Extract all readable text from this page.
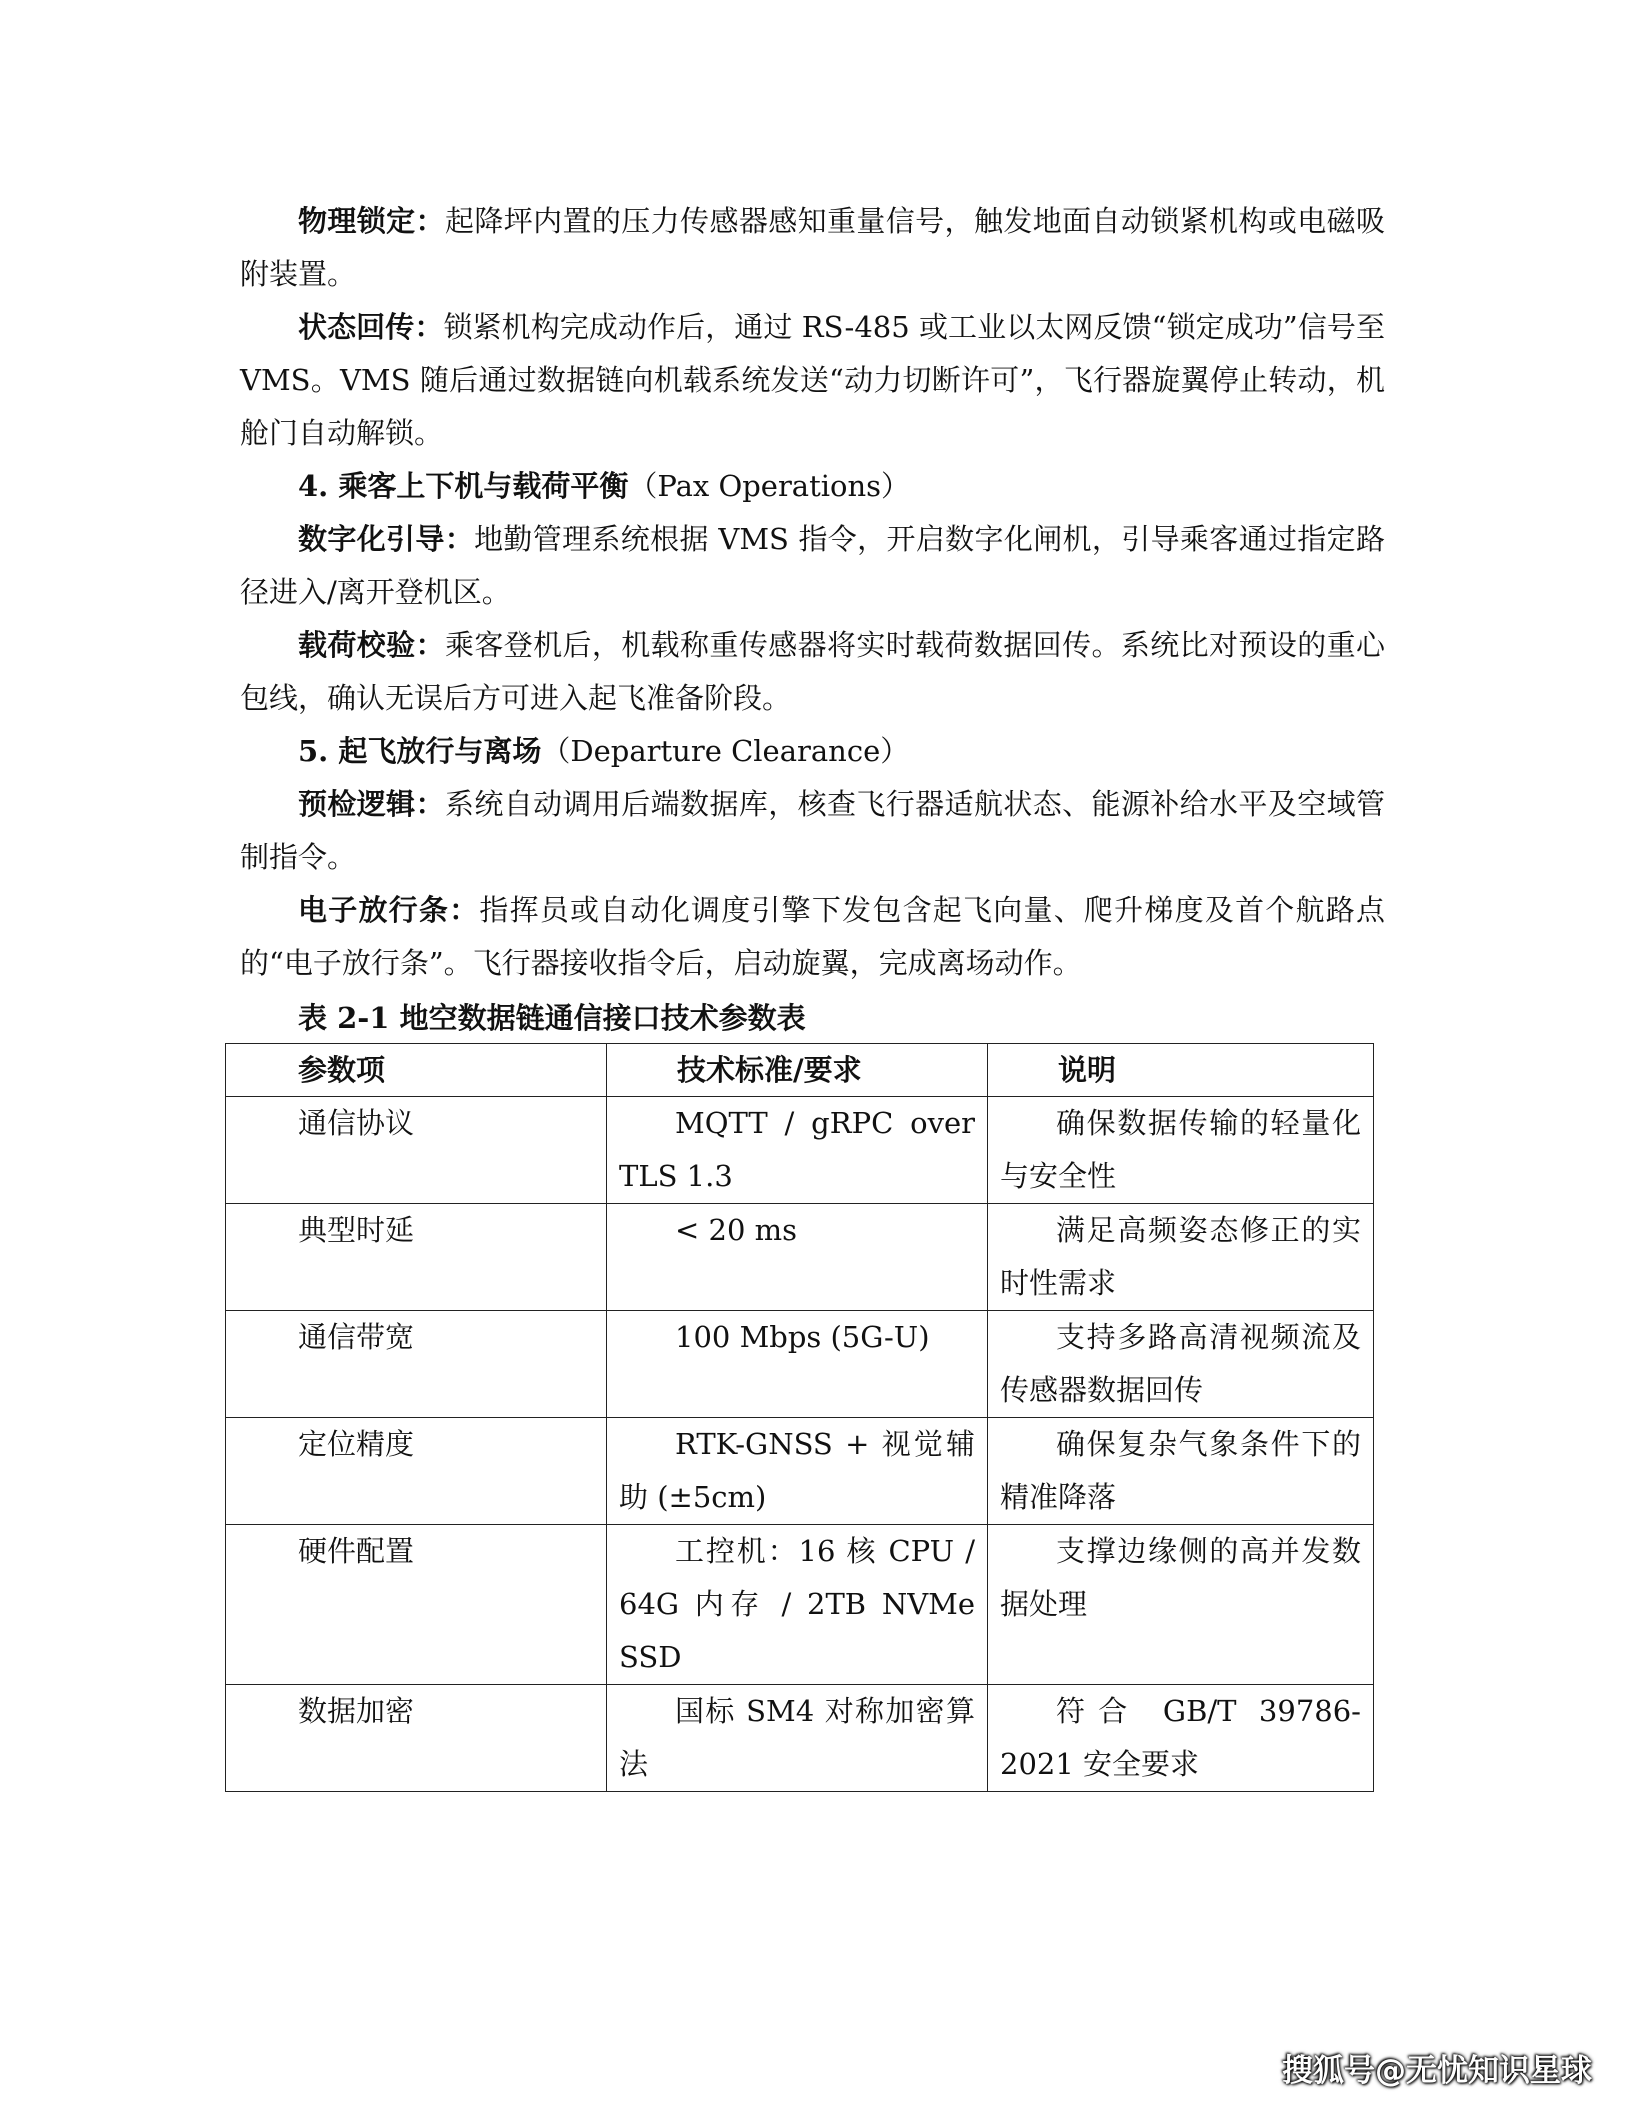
物理锁定：起降坪内置的压力传感器感知重量信号，触发地面自动锁紧机构或电磁吸附装置。

状态回传：锁紧机构完成动作后，通过 RS-485 或工业以太网反馈“锁定成功”信号至 VMS。VMS 随后通过数据链向机载系统发送“动力切断许可”，飞行器旋翼停止转动，机舱门自动解锁。

4. 乘客上下机与载荷平衡（Pax Operations）

数字化引导：地勤管理系统根据 VMS 指令，开启数字化闸机，引导乘客通过指定路径进入/离开登机区。

载荷校验：乘客登机后，机载称重传感器将实时载荷数据回传。系统比对预设的重心包线，确认无误后方可进入起飞准备阶段。

5. 起飞放行与离场（Departure Clearance）

预检逻辑：系统自动调用后端数据库，核查飞行器适航状态、能源补给水平及空域管制指令。

电子放行条：指挥员或自动化调度引擎下发包含起飞向量、爬升梯度及首个航路点的“电子放行条”。飞行器接收指令后，启动旋翼，完成离场动作。

表 2-1 地空数据链通信接口技术参数表

参数项	技术标准/要求	说明
通信协议	MQTT / gRPC over TLS 1.3	确保数据传输的轻量化与安全性
典型时延	< 20 ms	满足高频姿态修正的实时性需求
通信带宽	100 Mbps (5G-U)	支持多路高清视频流及传感器数据回传
定位精度	RTK-GNSS + 视觉辅助 (±5cm)	确保复杂气象条件下的精准降落
硬件配置	工控机：16 核 CPU / 64G 内存 / 2TB NVMe SSD	支撑边缘侧的高并发数据处理
数据加密	国标 SM4 对称加密算法	符合 GB/T 39786-2021 安全要求
搜狐号@无忧知识星球
